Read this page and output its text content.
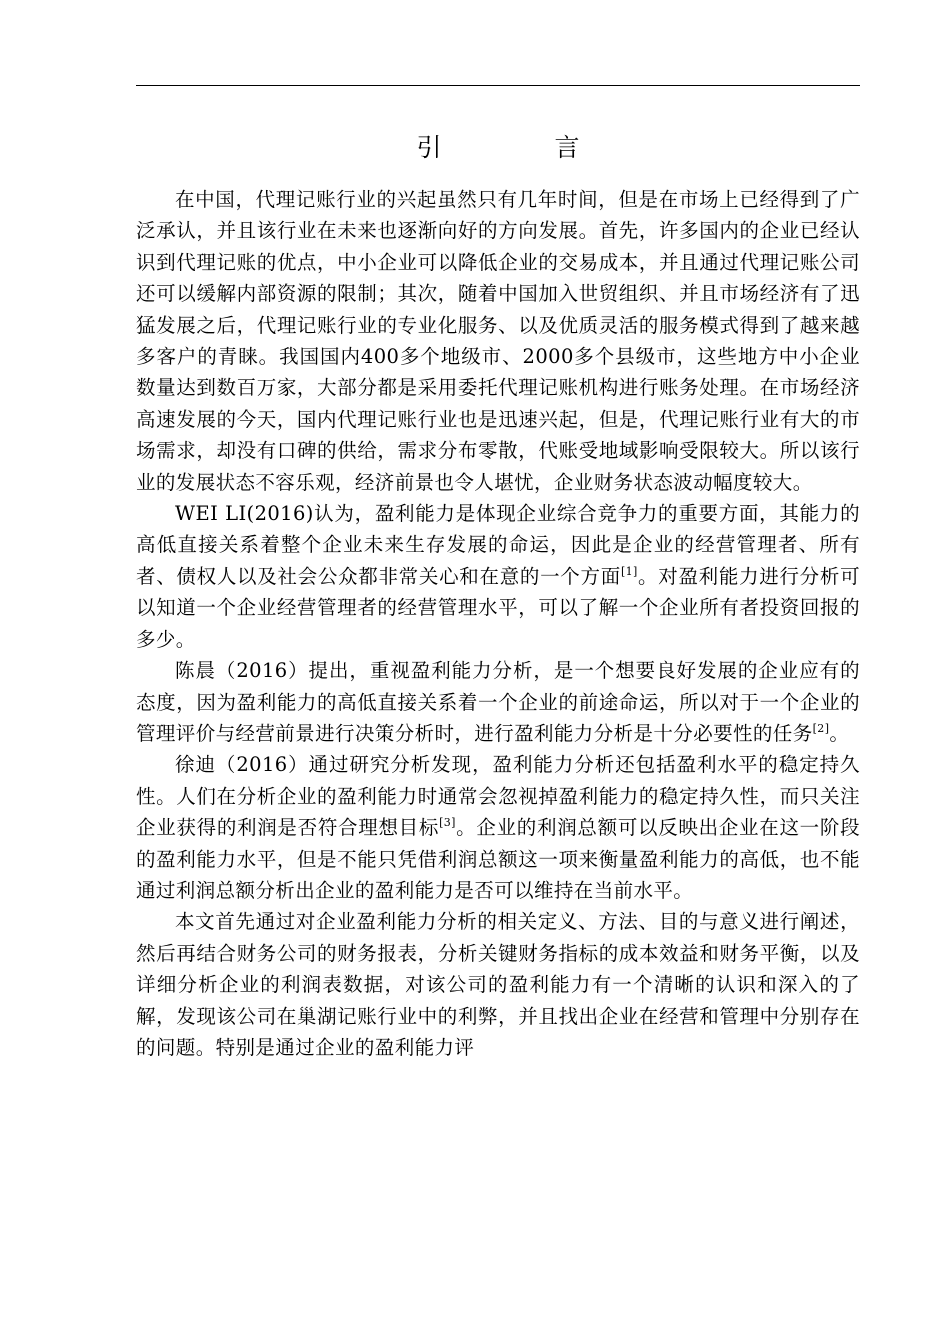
引　言

在中国，代理记账行业的兴起虽然只有几年时间，但是在市场上已经得到了广泛承认，并且该行业在未来也逐渐向好的方向发展。首先，许多国内的企业已经认识到代理记账的优点，中小企业可以降低企业的交易成本，并且通过代理记账公司还可以缓解内部资源的限制；其次，随着中国加入世贸组织、并且市场经济有了迅猛发展之后，代理记账行业的专业化服务、以及优质灵活的服务模式得到了越来越多客户的青睐。我国国内400多个地级市、2000多个县级市，这些地方中小企业数量达到数百万家，大部分都是采用委托代理记账机构进行账务处理。在市场经济高速发展的今天，国内代理记账行业也是迅速兴起，但是，代理记账行业有大的市场需求，却没有口碑的供给，需求分布零散，代账受地域影响受限较大。所以该行业的发展状态不容乐观，经济前景也令人堪忧，企业财务状态波动幅度较大。

WEI LI(2016)认为，盈利能力是体现企业综合竞争力的重要方面，其能力的高低直接关系着整个企业未来生存发展的命运，因此是企业的经营管理者、所有者、债权人以及社会公众都非常关心和在意的一个方面[1]。对盈利能力进行分析可以知道一个企业经营管理者的经营管理水平，可以了解一个企业所有者投资回报的多少。

陈晨（2016）提出，重视盈利能力分析，是一个想要良好发展的企业应有的态度，因为盈利能力的高低直接关系着一个企业的前途命运，所以对于一个企业的管理评价与经营前景进行决策分析时，进行盈利能力分析是十分必要性的任务[2]。

徐迪（2016）通过研究分析发现，盈利能力分析还包括盈利水平的稳定持久性。人们在分析企业的盈利能力时通常会忽视掉盈利能力的稳定持久性，而只关注企业获得的利润是否符合理想目标[3]。企业的利润总额可以反映出企业在这一阶段的盈利能力水平，但是不能只凭借利润总额这一项来衡量盈利能力的高低，也不能通过利润总额分析出企业的盈利能力是否可以维持在当前水平。

本文首先通过对企业盈利能力分析的相关定义、方法、目的与意义进行阐述，然后再结合财务公司的财务报表，分析关键财务指标的成本效益和财务平衡，以及详细分析企业的利润表数据，对该公司的盈利能力有一个清晰的认识和深入的了解，发现该公司在巢湖记账行业中的利弊，并且找出企业在经营和管理中分别存在的问题。特别是通过企业的盈利能力评
